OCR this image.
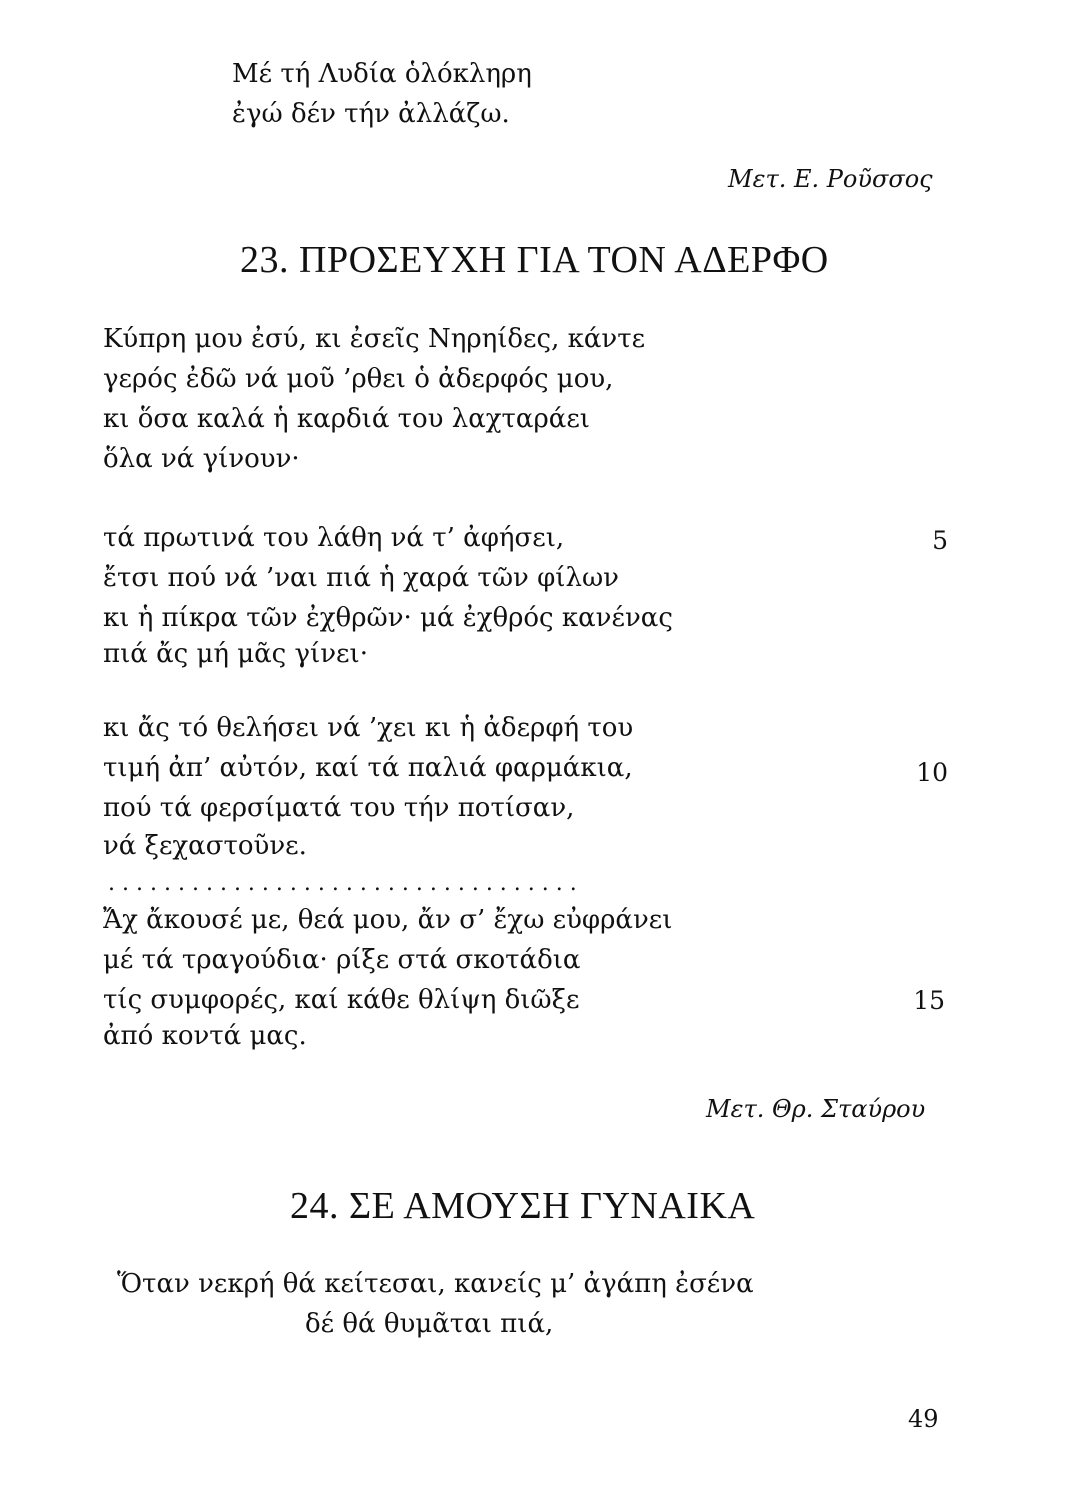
Μέ τή Λυδία ὁλόκληρη
ἐγώ δέν τήν ἀλλάζω.
Μετ. Ε. Ροῦσσος
23. ΠΡΟΣΕΥΧΗ ΓΙΑ ΤΟΝ ΑΔΕΡΦΟ
Κύπρη μου ἐσύ, κι ἐσεῖς Νηρηίδες, κάντε
γερός ἐδῶ νά μοῦ ’ρθει ὁ ἀδερφός μου,
κι ὅσα καλά ἡ καρδιά του λαχταράει
ὅλα νά γίνουν·
τά πρωτινά του λάθη νά τ’ ἀφήσει,	5
ἔτσι πού νά ’ναι πιά ἡ χαρά τῶν φίλων
κι ἡ πίκρα τῶν ἐχθρῶν· μά ἐχθρός κανένας
πιά ἄς μή μᾶς γίνει·
κι ἄς τό θελήσει νά ’χει κι ἡ ἀδερφή του
τιμή ἀπ’ αὐτόν, καί τά παλιά φαρμάκια,	10
πού τά φερσίματά του τήν ποτίσαν,
νά ξεχαστοῦνε.
..................................
Ἄχ ἄκουσέ με, θεά μου, ἄν σ’ ἔχω εὐφράνει
μέ τά τραγούδια· ρίξε στά σκοτάδια
τίς συμφορές, καί κάθε θλίψη διῶξε	15
ἀπό κοντά μας.
Μετ. Θρ. Σταύρου
24. ΣΕ ΑΜΟΥΣΗ ΓΥΝΑΙΚΑ
Ὅταν νεκρή θά κείτεσαι, κανείς μ’ ἀγάπη ἐσένα
δέ θά θυμᾶται πιά,
49
